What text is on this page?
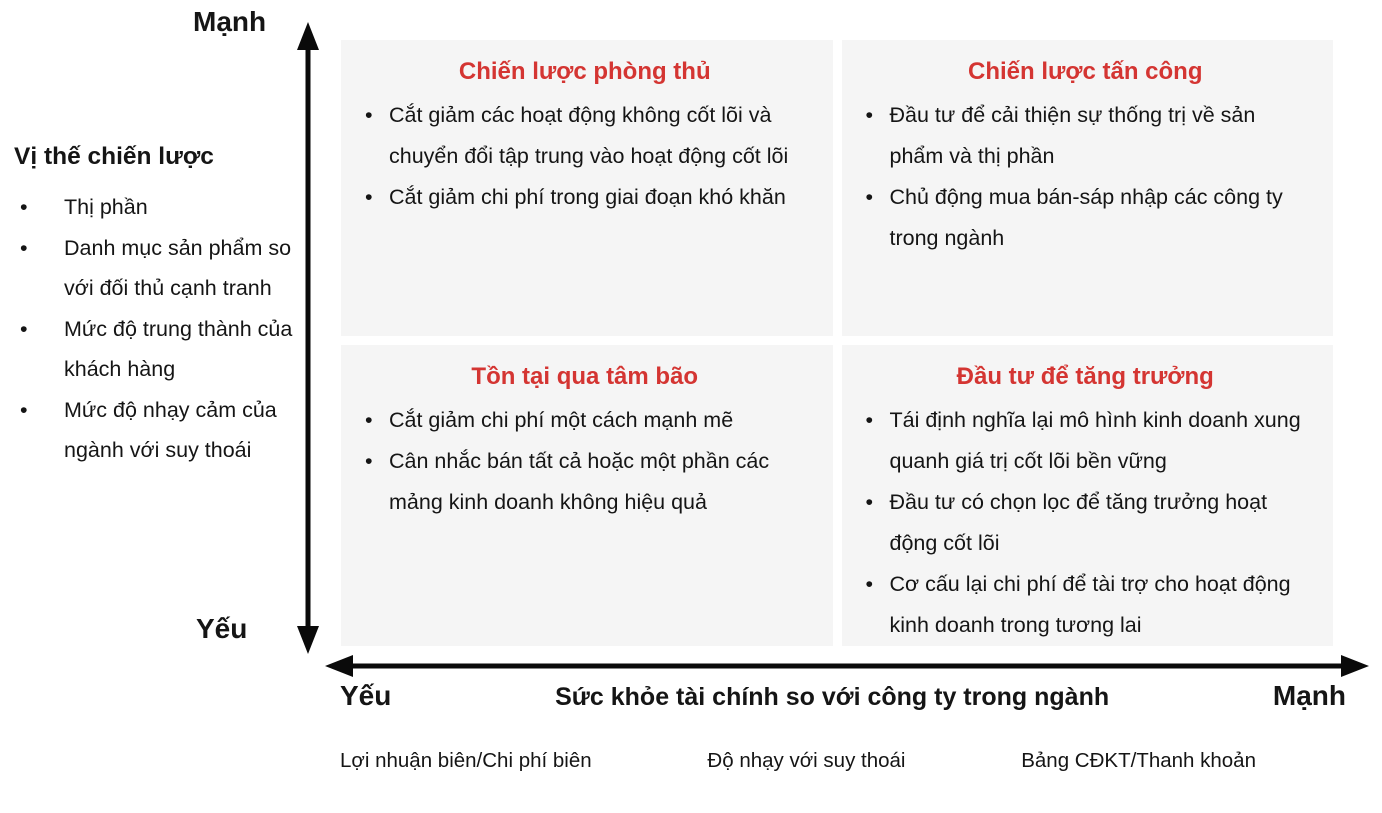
Mạnh
Vị thế chiến lược
• Thị phần
• Danh mục sản phẩm so với đối thủ cạnh tranh
• Mức độ trung thành của khách hàng
• Mức độ nhạy cảm của ngành với suy thoái
Yếu
Chiến lược phòng thủ
• Cắt giảm các hoạt động không cốt lõi và chuyển đổi tập trung vào hoạt động cốt lõi
• Cắt giảm chi phí trong giai đoạn khó khăn
Chiến lược tấn công
• Đầu tư để cải thiện sự thống trị về sản phẩm và thị phần
• Chủ động mua bán-sáp nhập các công ty trong ngành
Tồn tại qua tâm bão
• Cắt giảm chi phí một cách mạnh mẽ
• Cân nhắc bán tất cả hoặc một phần các mảng kinh doanh không hiệu quả
Đầu tư để tăng trưởng
• Tái định nghĩa lại mô hình kinh doanh xung quanh giá trị cốt lõi bền vững
• Đầu tư có chọn lọc để tăng trưởng hoạt động cốt lõi
• Cơ cấu lại chi phí để tài trợ cho hoạt động kinh doanh trong tương lai
Yếu	Sức khỏe tài chính so với công ty trong ngành	Mạnh
Lợi nhuận biên/Chi phí biên	Độ nhạy với suy thoái	Bảng CĐKT/Thanh khoản
